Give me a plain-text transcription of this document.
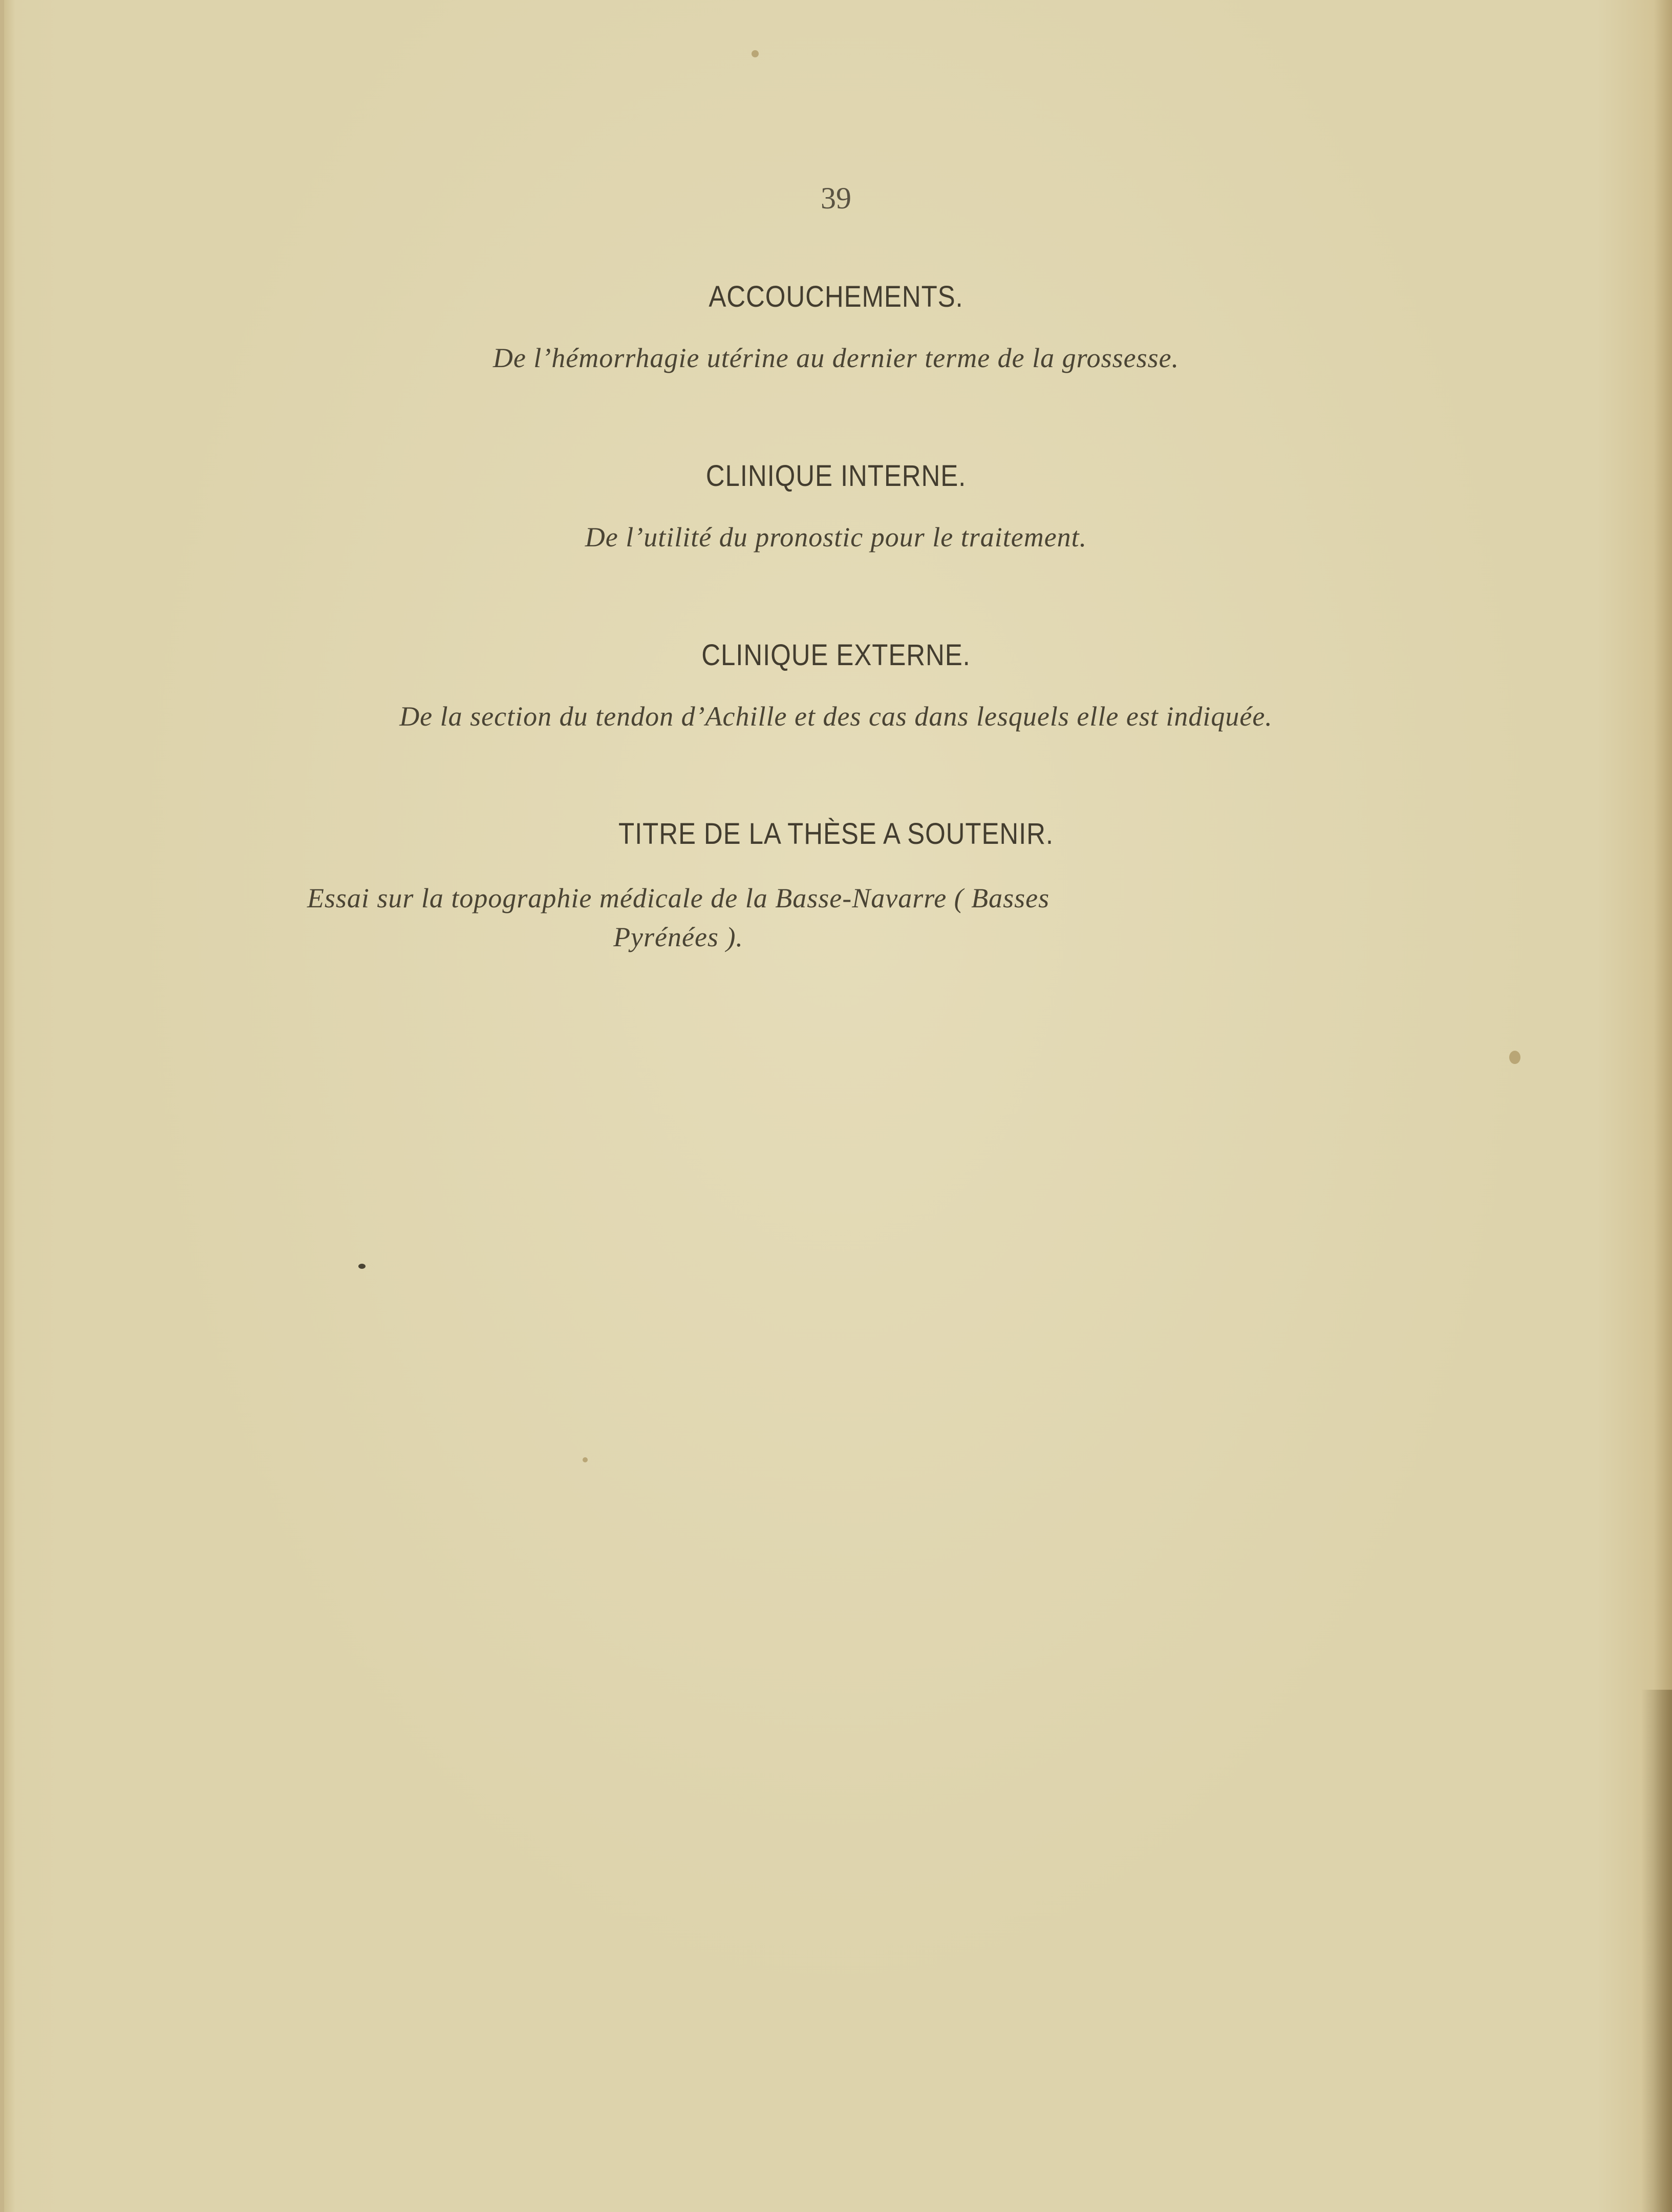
39
ACCOUCHEMENTS.
De l’hémorrhagie utérine au dernier terme de la grossesse.
CLINIQUE INTERNE.
De l’utilité du pronostic pour le traitement.
CLINIQUE EXTERNE.
De la section du tendon d’Achille et des cas dans lesquels elle est indiquée.
TITRE DE LA THÈSE A SOUTENIR.
Essai sur la topographie médicale de la Basse-Navarre ( Basses Pyrénées ).
